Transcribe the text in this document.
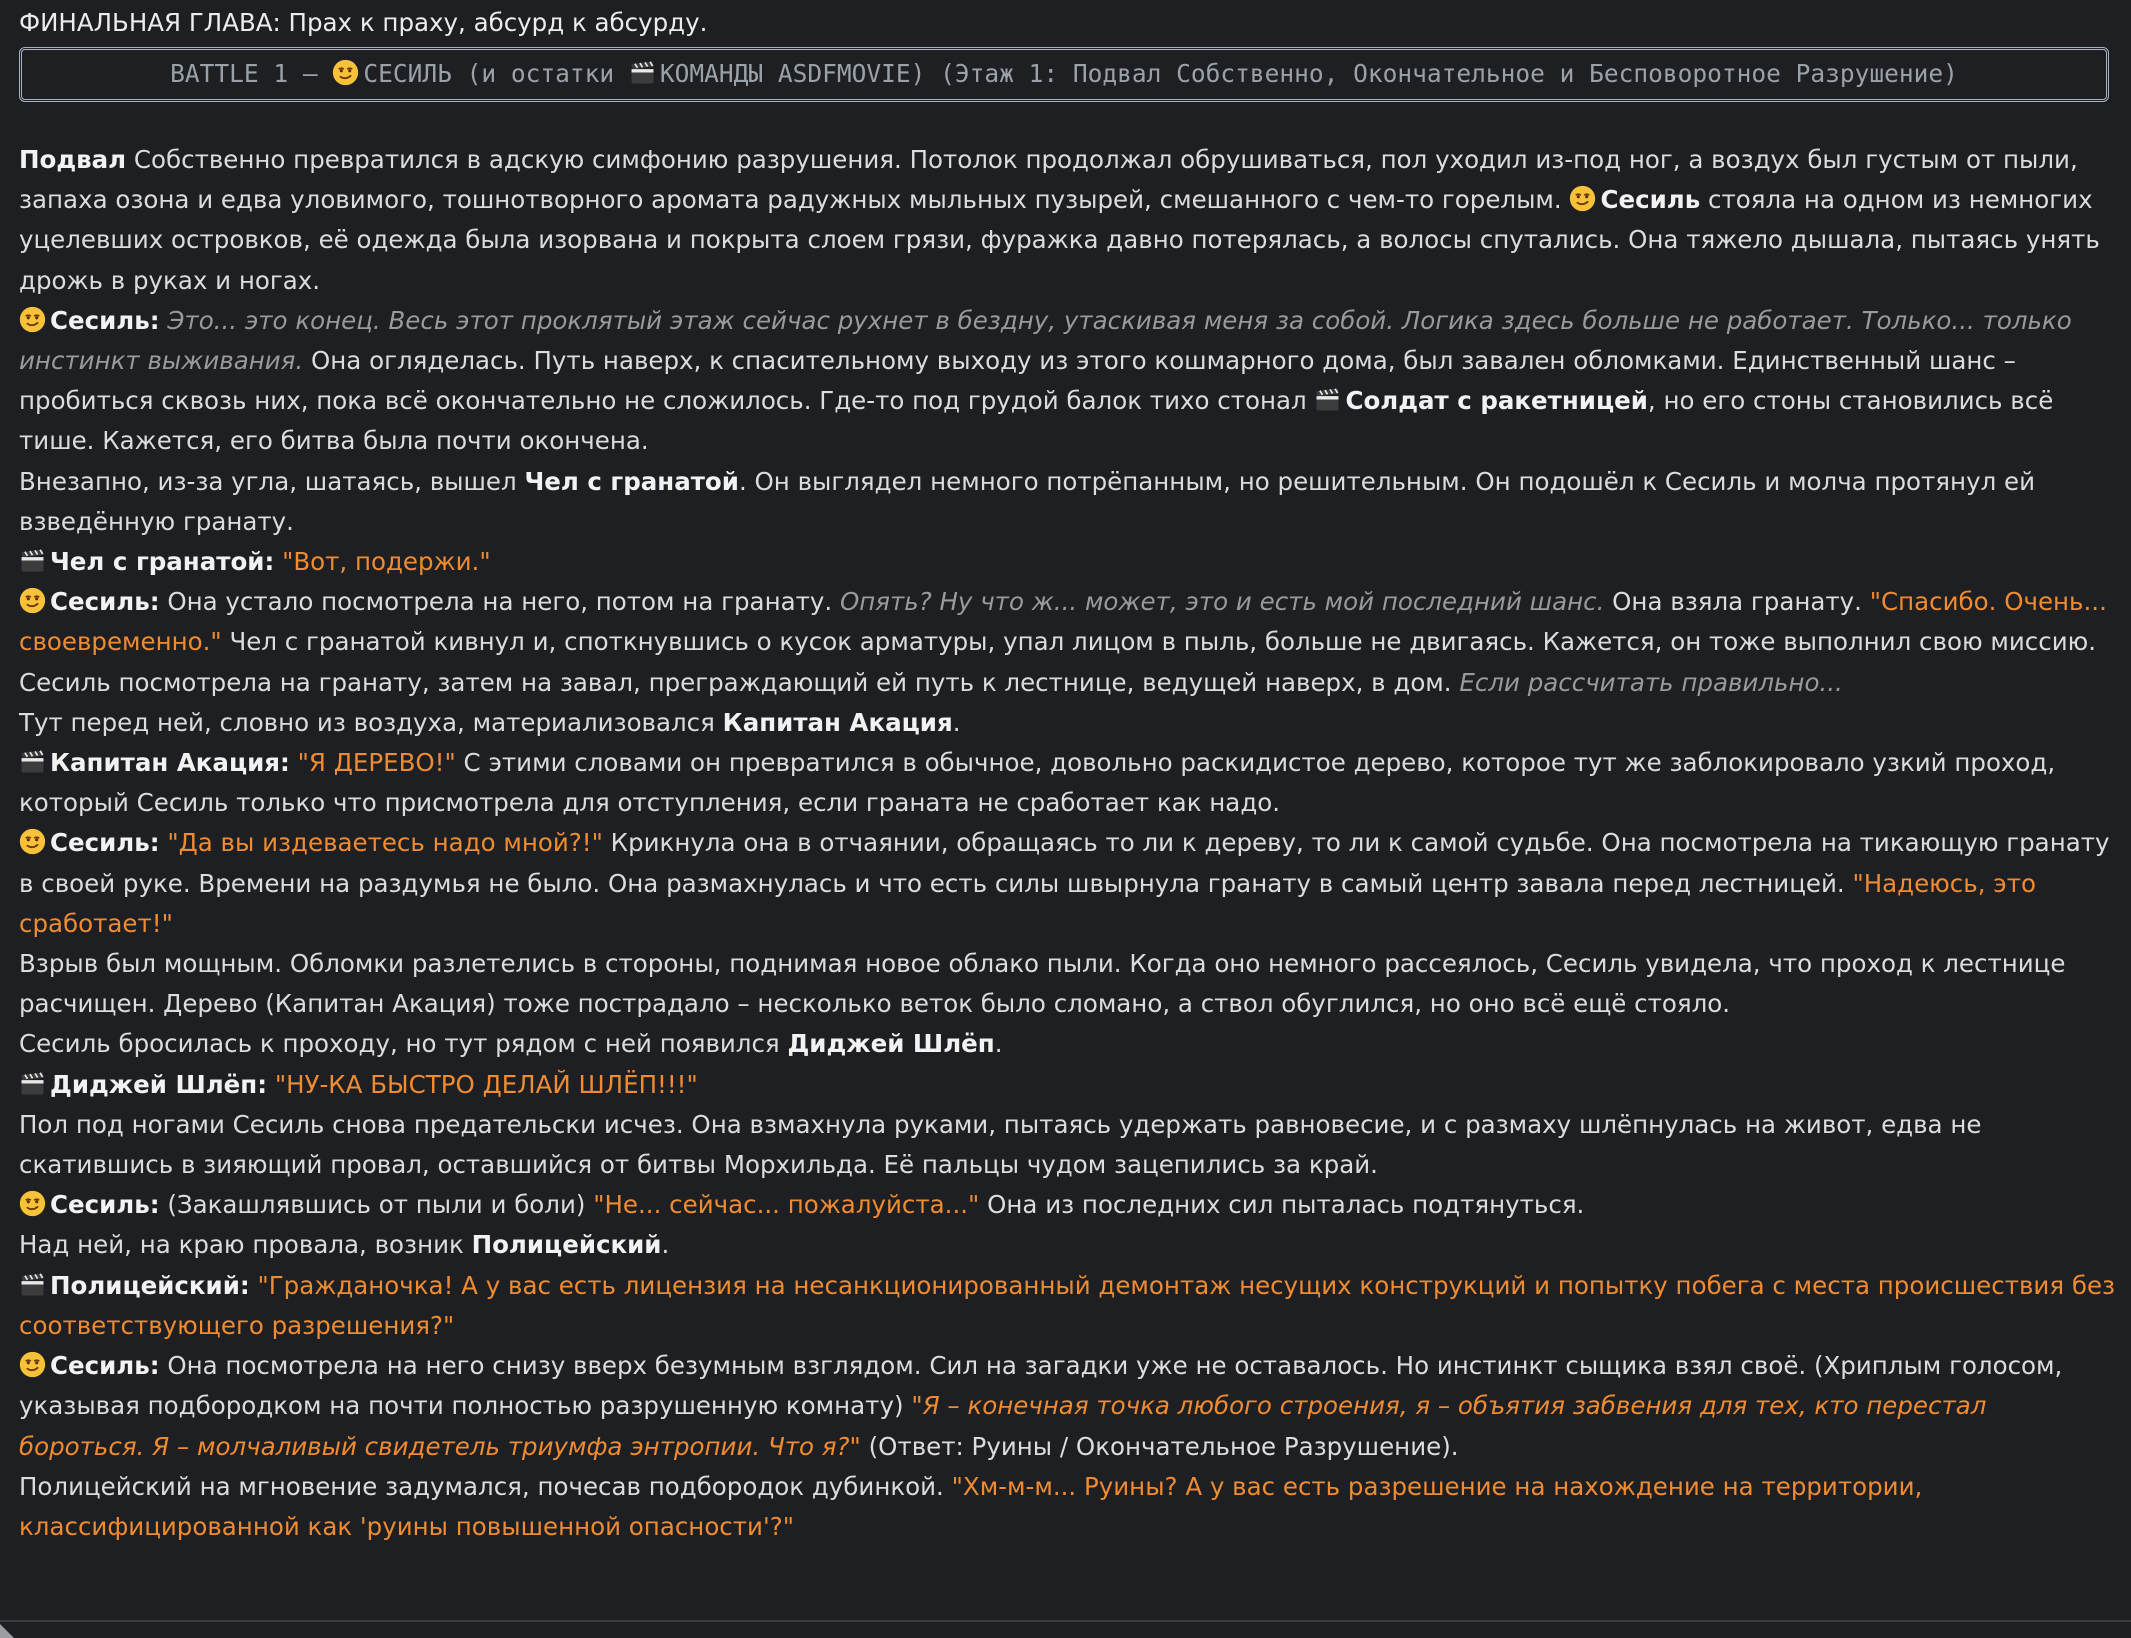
ФИНАЛЬНАЯ ГЛАВА: Прах к праху, абсурд к абсурду.

BATTLE 1 –
СЕСИЛЬ (и остатки
КОМАНДЫ ASDFMOVIE) (Этаж 1: Подвал Собственно, Окончательное и Бесповоротное Разрушение)

Подвал Собственно превратился в адскую симфонию разрушения. Потолок продолжал обрушиваться, пол уходил из-под ног, а воздух был густым от пыли, запаха озона и едва уловимого, тошнотворного аромата радужных мыльных пузырей, смешанного с чем-то горелым.
Сесиль стояла на одном из немногих уцелевших островков, её одежда была изорвана и покрыта слоем грязи, фуражка давно потерялась, а волосы спутались. Она тяжело дышала, пытаясь унять дрожь в руках и ногах.

Сесиль: Это... это конец. Весь этот проклятый этаж сейчас рухнет в бездну, утаскивая меня за собой. Логика здесь больше не работает. Только... только инстинкт выживания. Она огляделась. Путь наверх, к спасительному выходу из этого кошмарного дома, был завален обломками. Единственный шанс – пробиться сквозь них, пока всё окончательно не сложилось. Где-то под грудой балок тихо стонал
Солдат с ракетницей, но его стоны становились всё тише. Кажется, его битва была почти окончена.

Внезапно, из-за угла, шатаясь, вышел Чел с гранатой. Он выглядел немного потрёпанным, но решительным. Он подошёл к Сесиль и молча протянул ей взведённую гранату.

Чел с гранатой: "Вот, подержи."

Сесиль: Она устало посмотрела на него, потом на гранату. Опять? Ну что ж... может, это и есть мой последний шанс. Она взяла гранату. "Спасибо. Очень... своевременно." Чел с гранатой кивнул и, споткнувшись о кусок арматуры, упал лицом в пыль, больше не двигаясь. Кажется, он тоже выполнил свою миссию.

Сесиль посмотрела на гранату, затем на завал, преграждающий ей путь к лестнице, ведущей наверх, в дом. Если рассчитать правильно...

Тут перед ней, словно из воздуха, материализовался Капитан Акация.

Капитан Акация: "Я ДЕРЕВО!" С этими словами он превратился в обычное, довольно раскидистое дерево, которое тут же заблокировало узкий проход, который Сесиль только что присмотрела для отступления, если граната не сработает как надо.

Сесиль: "Да вы издеваетесь надо мной?!" Крикнула она в отчаянии, обращаясь то ли к дереву, то ли к самой судьбе. Она посмотрела на тикающую гранату в своей руке. Времени на раздумья не было. Она размахнулась и что есть силы швырнула гранату в самый центр завала перед лестницей. "Надеюсь, это сработает!"

Взрыв был мощным. Обломки разлетелись в стороны, поднимая новое облако пыли. Когда оно немного рассеялось, Сесиль увидела, что проход к лестнице расчищен. Дерево (Капитан Акация) тоже пострадало – несколько веток было сломано, а ствол обуглился, но оно всё ещё стояло.

Сесиль бросилась к проходу, но тут рядом с ней появился Диджей Шлёп.

Диджей Шлёп: "НУ-КА БЫСТРО ДЕЛАЙ ШЛЁП!!!"

Пол под ногами Сесиль снова предательски исчез. Она взмахнула руками, пытаясь удержать равновесие, и с размаху шлёпнулась на живот, едва не скатившись в зияющий провал, оставшийся от битвы Морхильда. Её пальцы чудом зацепились за край.

Сесиль: (Закашлявшись от пыли и боли) "Не... сейчас... пожалуйста..." Она из последних сил пыталась подтянуться.

Над ней, на краю провала, возник Полицейский.

Полицейский: "Гражданочка! А у вас есть лицензия на несанкционированный демонтаж несущих конструкций и попытку побега с места происшествия без соответствующего разрешения?"

Сесиль: Она посмотрела на него снизу вверх безумным взглядом. Сил на загадки уже не оставалось. Но инстинкт сыщика взял своё. (Хриплым голосом, указывая подбородком на почти полностью разрушенную комнату) "Я – конечная точка любого строения, я – объятия забвения для тех, кто перестал бороться. Я – молчаливый свидетель триумфа энтропии. Что я?" (Ответ: Руины / Окончательное Разрушение).

Полицейский на мгновение задумался, почесав подбородок дубинкой. "Хм-м-м... Руины? А у вас есть разрешение на нахождение на территории, классифицированной как 'руины повышенной опасности'?"
